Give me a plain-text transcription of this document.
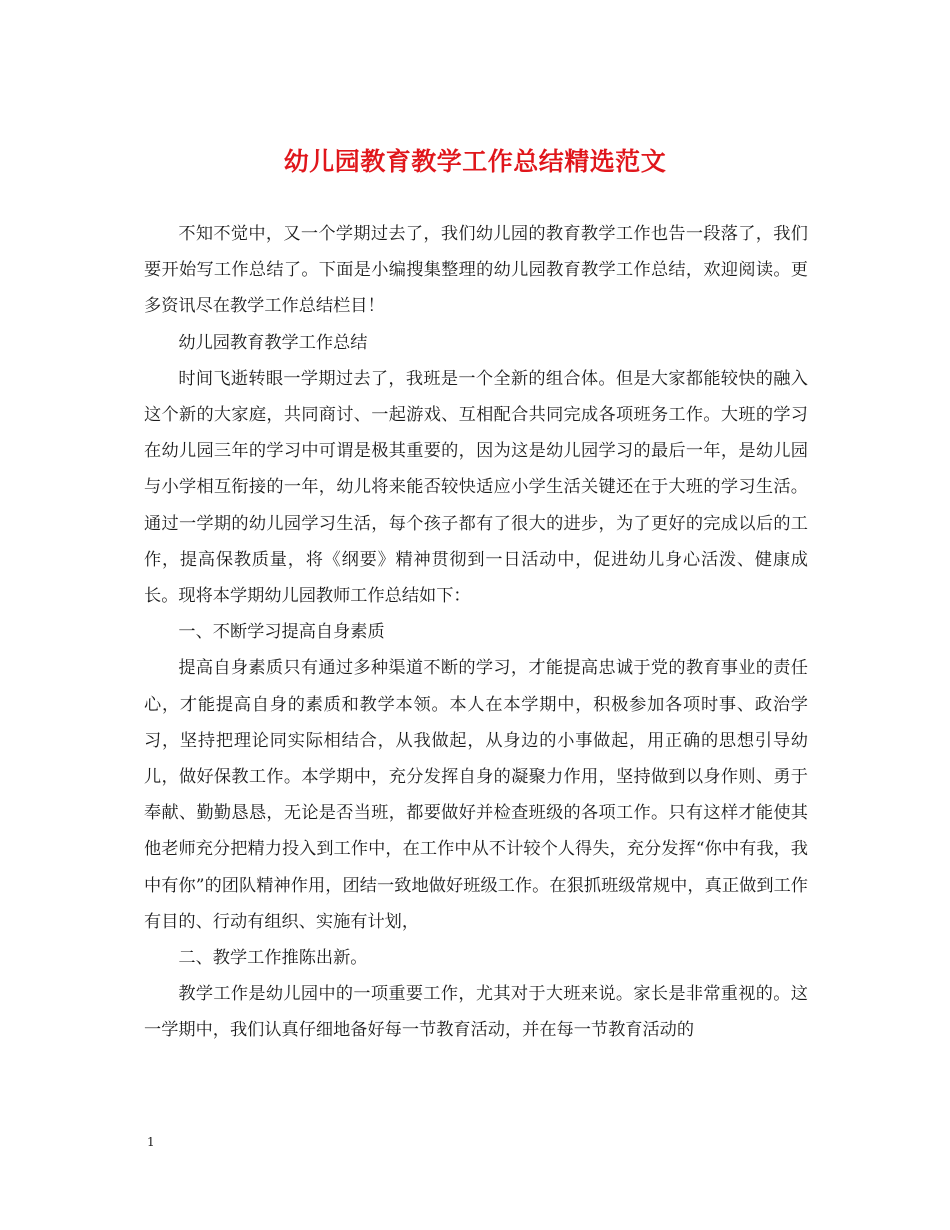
幼儿园教育教学工作总结精选范文

不知不觉中，又一个学期过去了，我们幼儿园的教育教学工作也告一段落了，我们要开始写工作总结了。下面是小编搜集整理的幼儿园教育教学工作总结，欢迎阅读。更多资讯尽在教学工作总结栏目！

幼儿园教育教学工作总结

时间飞逝转眼一学期过去了，我班是一个全新的组合体。但是大家都能较快的融入这个新的大家庭，共同商讨、一起游戏、互相配合共同完成各项班务工作。大班的学习在幼儿园三年的学习中可谓是极其重要的，因为这是幼儿园学习的最后一年，是幼儿园与小学相互衔接的一年，幼儿将来能否较快适应小学生活关键还在于大班的学习生活。通过一学期的幼儿园学习生活，每个孩子都有了很大的进步，为了更好的完成以后的工作，提高保教质量，将《纲要》精神贯彻到一日活动中，促进幼儿身心活泼、健康成长。现将本学期幼儿园教师工作总结如下：

一、不断学习提高自身素质

提高自身素质只有通过多种渠道不断的学习，才能提高忠诚于党的教育事业的责任心，才能提高自身的素质和教学本领。本人在本学期中，积极参加各项时事、政治学习，坚持把理论同实际相结合，从我做起，从身边的小事做起，用正确的思想引导幼儿，做好保教工作。本学期中，充分发挥自身的凝聚力作用，坚持做到以身作则、勇于奉献、勤勤恳恳，无论是否当班，都要做好并检查班级的各项工作。只有这样才能使其他老师充分把精力投入到工作中，在工作中从不计较个人得失，充分发挥“你中有我，我中有你”的团队精神作用，团结一致地做好班级工作。在狠抓班级常规中，真正做到工作有目的、行动有组织、实施有计划，

二、教学工作推陈出新。

教学工作是幼儿园中的一项重要工作，尤其对于大班来说。家长是非常重视的。这一学期中，我们认真仔细地备好每一节教育活动，并在每一节教育活动的

1
